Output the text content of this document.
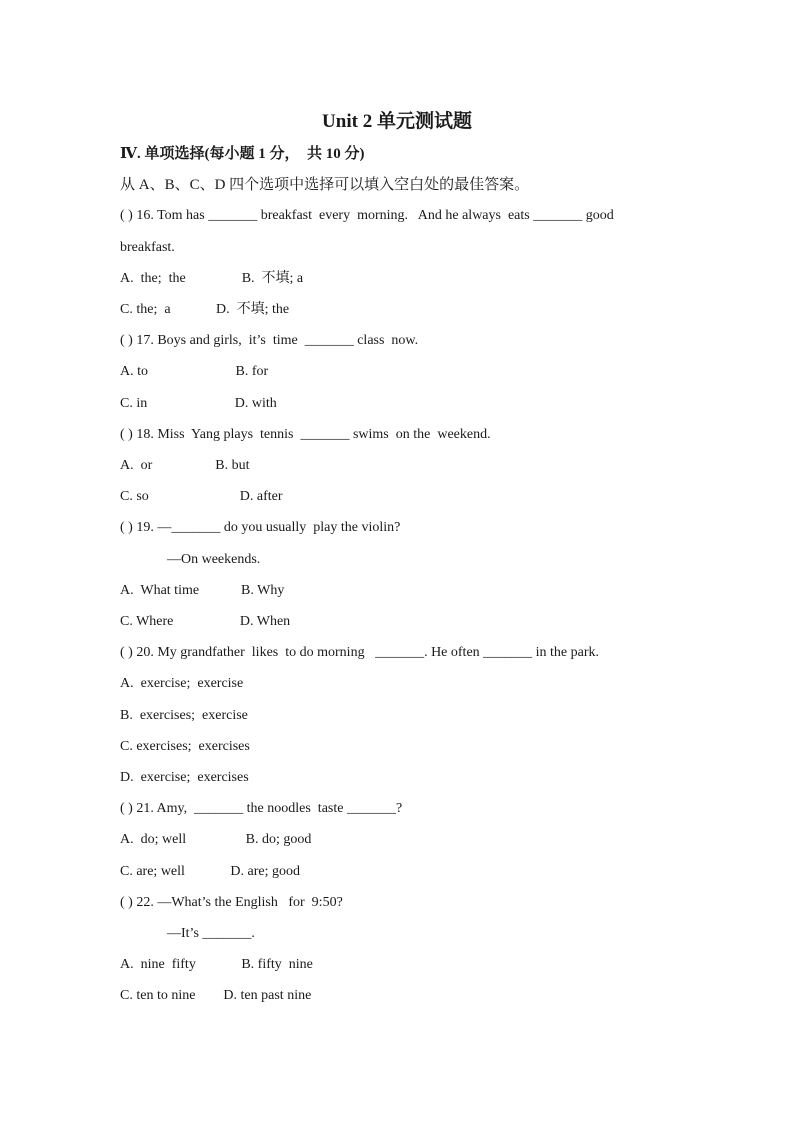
Unit 2 单元测试题
Ⅳ. 单项选择(每小题 1 分，  共 10 分)
从 A、B、C、D 四个选项中选择可以填入空白处的最佳答案。
( ) 16. Tom has _______ breakfast  every  morning.   And he always  eats _______ good
breakfast.
A.  the;  the                B.  不填; a
C. the;  a             D.  不填; the
( ) 17. Boys and girls,  it’s  time  _______ class  now.
A. to                         B. for
C. in                         D. with
( ) 18. Miss  Yang plays  tennis  _______ swims  on the  weekend.
A.  or                  B. but
C. so                          D. after
( ) 19. —_______ do you usually  play the violin?
—On weekends.
A.  What time            B. Why
C. Where                   D. When
( ) 20. My grandfather  likes  to do morning   _______. He often _______ in the park.
A.  exercise;  exercise
B.  exercises;  exercise
C. exercises;  exercises
D.  exercise;  exercises
( ) 21. Amy,  _______ the noodles  taste _______?
A.  do; well                 B. do; good
C. are; well             D. are; good
( ) 22. —What’s the English   for  9:50?
—It’s _______.
A.  nine  fifty             B. fifty  nine
C. ten to nine        D. ten past nine
